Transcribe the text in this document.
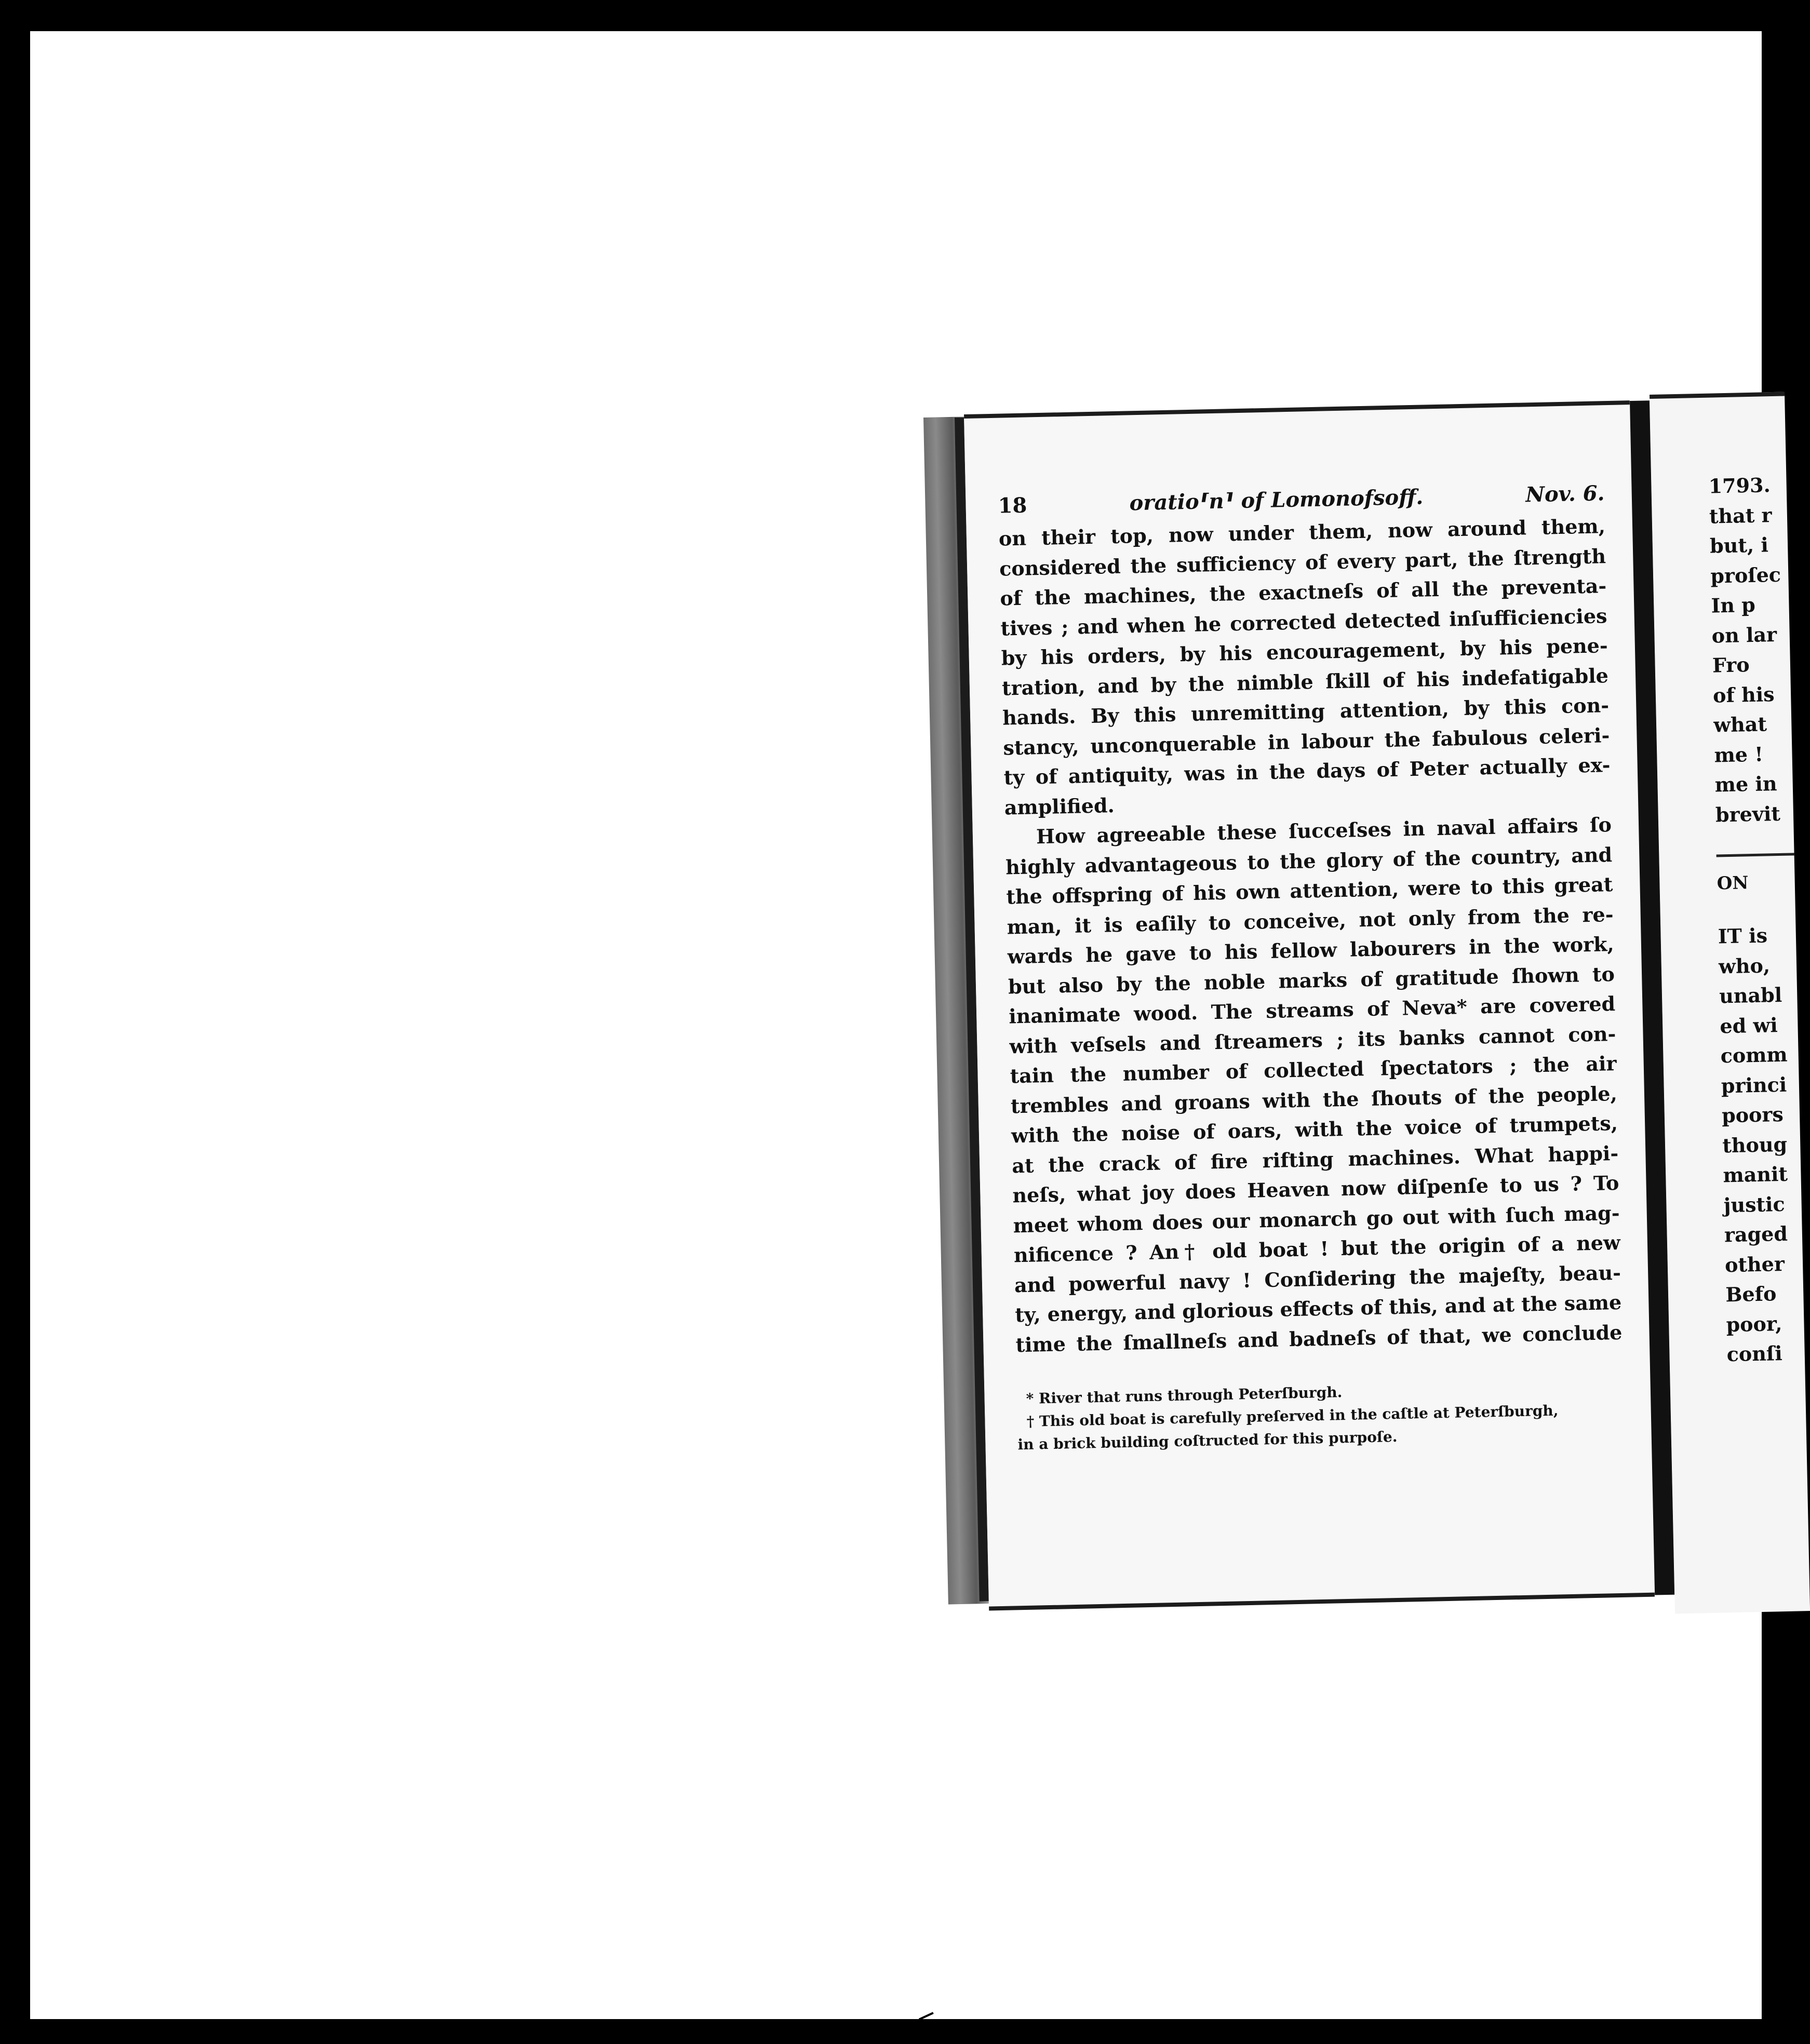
18	oratio⸢n⸣ of Lomonofsoff.	Nov. 6.
on their top, now under them, now around them,
considered the sufficiency of every part, the ſtrength
of the machines, the exactneſs of all the preventa-
tives ; and when he corrected detected inſufficiencies
by his orders, by his encouragement, by his pene-
tration, and by the nimble ſkill of his indefatigable
hands. By this unremitting attention, by this con-
stancy, unconquerable in labour the fabulous celeri-
ty of antiquity, was in the days of Peter actually ex-
amplified.
How agreeable these ſucceſses in naval affairs ſo
highly advantageous to the glory of the country, and
the offspring of his own attention, were to this great
man, it is eaſily to conceive, not only from the re-
wards he gave to his fellow labourers in the work,
but also by the noble marks of gratitude ſhown to
inanimate wood. The streams of Neva* are covered
with veſsels and ſtreamers ; its banks cannot con-
tain the number of collected ſpectators ; the air
trembles and groans with the ſhouts of the people,
with the noise of oars, with the voice of trumpets,
at the crack of fire rifting machines. What happi-
neſs, what joy does Heaven now diſpenſe to us ? To
meet whom does our monarch go out with ſuch mag-
nificence ? An† old boat ! but the origin of a new
and powerful navy ! Conſidering the majeſty, beau-
ty, energy, and glorious effects of this, and at the same
time the ſmallneſs and badneſs of that, we conclude
* River that runs through Peterſburgh.
† This old boat is carefully preſerved in the caſtle at Peterſburgh,
in a brick building coſtructed for this purpoſe.
1793.
that r
but, i
proſec
In p
on lar
Fro
of his
what
me !
me in
brevit
ON
IT is
who,
unabl
ed wi
comm
princi
poors
thoug
manit
justic
raged
other
Befo
poor,
conſi
